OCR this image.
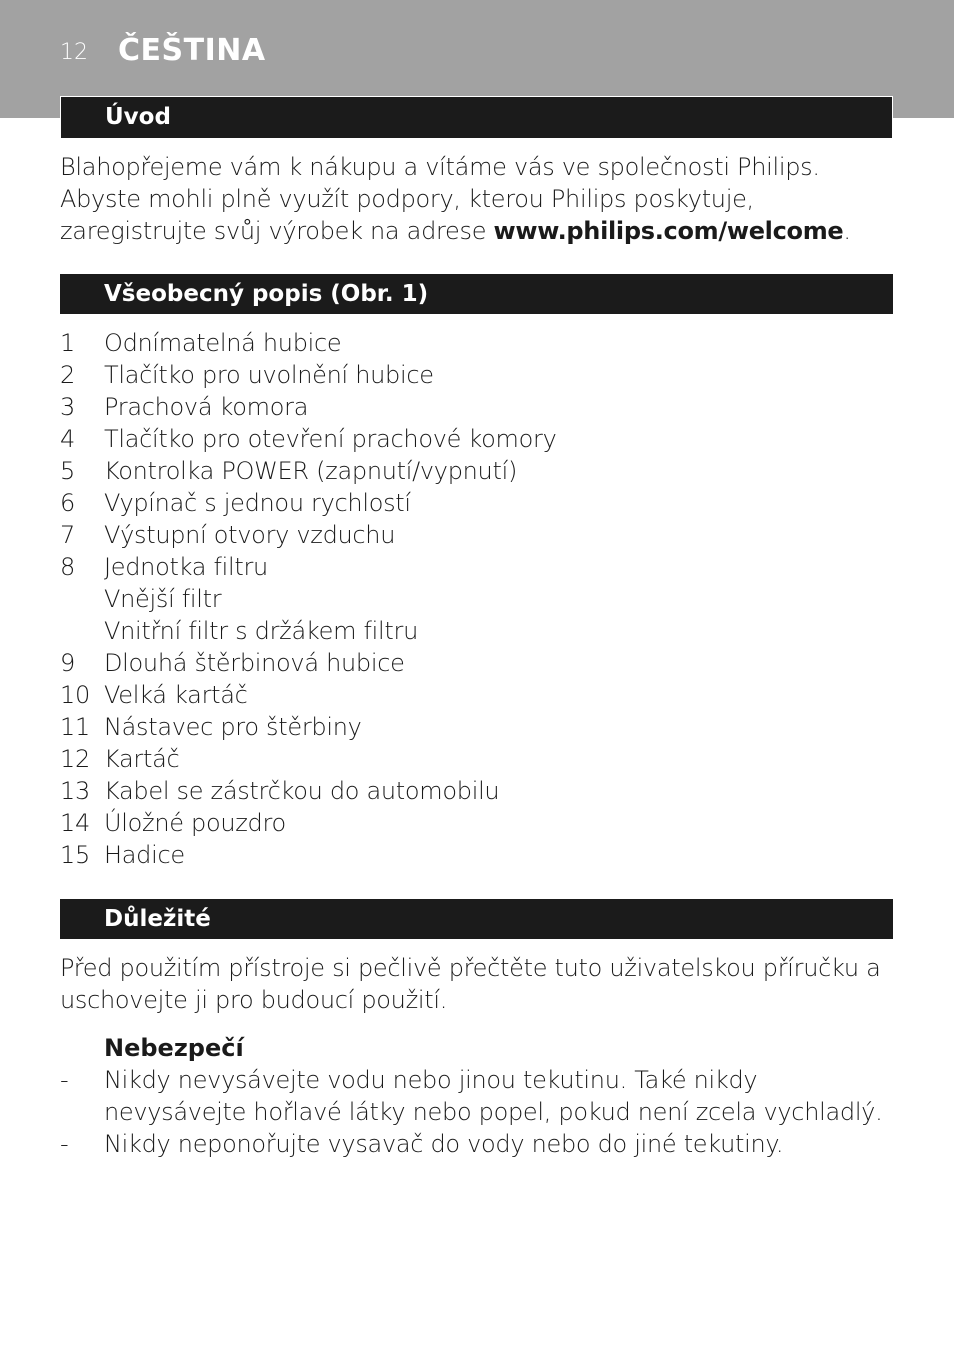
12 ČEŠTINA
Úvod
Blahopřejeme vám k nákupu a vítáme vás ve společnosti Philips.
Abyste mohli plně využít podpory, kterou Philips poskytuje, zaregistrujte svůj výrobek na adrese www.philips.com/welcome.
Všeobecný popis (Obr. 1)
1 Odnímatelná hubice
2 Tlačítko pro uvolnění hubice
3 Prachová komora
4 Tlačítko pro otevření prachové komory
5 Kontrolka POWER (zapnutí/vypnutí)
6 Vypínač s jednou rychlostí
7 Výstupní otvory vzduchu
8 Jednotka filtru
Vnější filtr
Vnitřní filtr s držákem filtru
9 Dlouhá štěrbinová hubice
10 Velká kartáč
11 Nástavec pro štěrbiny
12 Kartáč
13 Kabel se zástrčkou do automobilu
14 Úložné pouzdro
15 Hadice
Důležité
Před použitím přístroje si pečlivě přečtěte tuto uživatelskou příručku a uschovejte ji pro budoucí použití.
Nebezpečí
- Nikdy nevysávejte vodu nebo jinou tekutinu. Také nikdy nevysávejte hořlavé látky nebo popel, pokud není zcela vychladlý.
- Nikdy neponořujte vysavač do vody nebo do jiné tekutiny.
